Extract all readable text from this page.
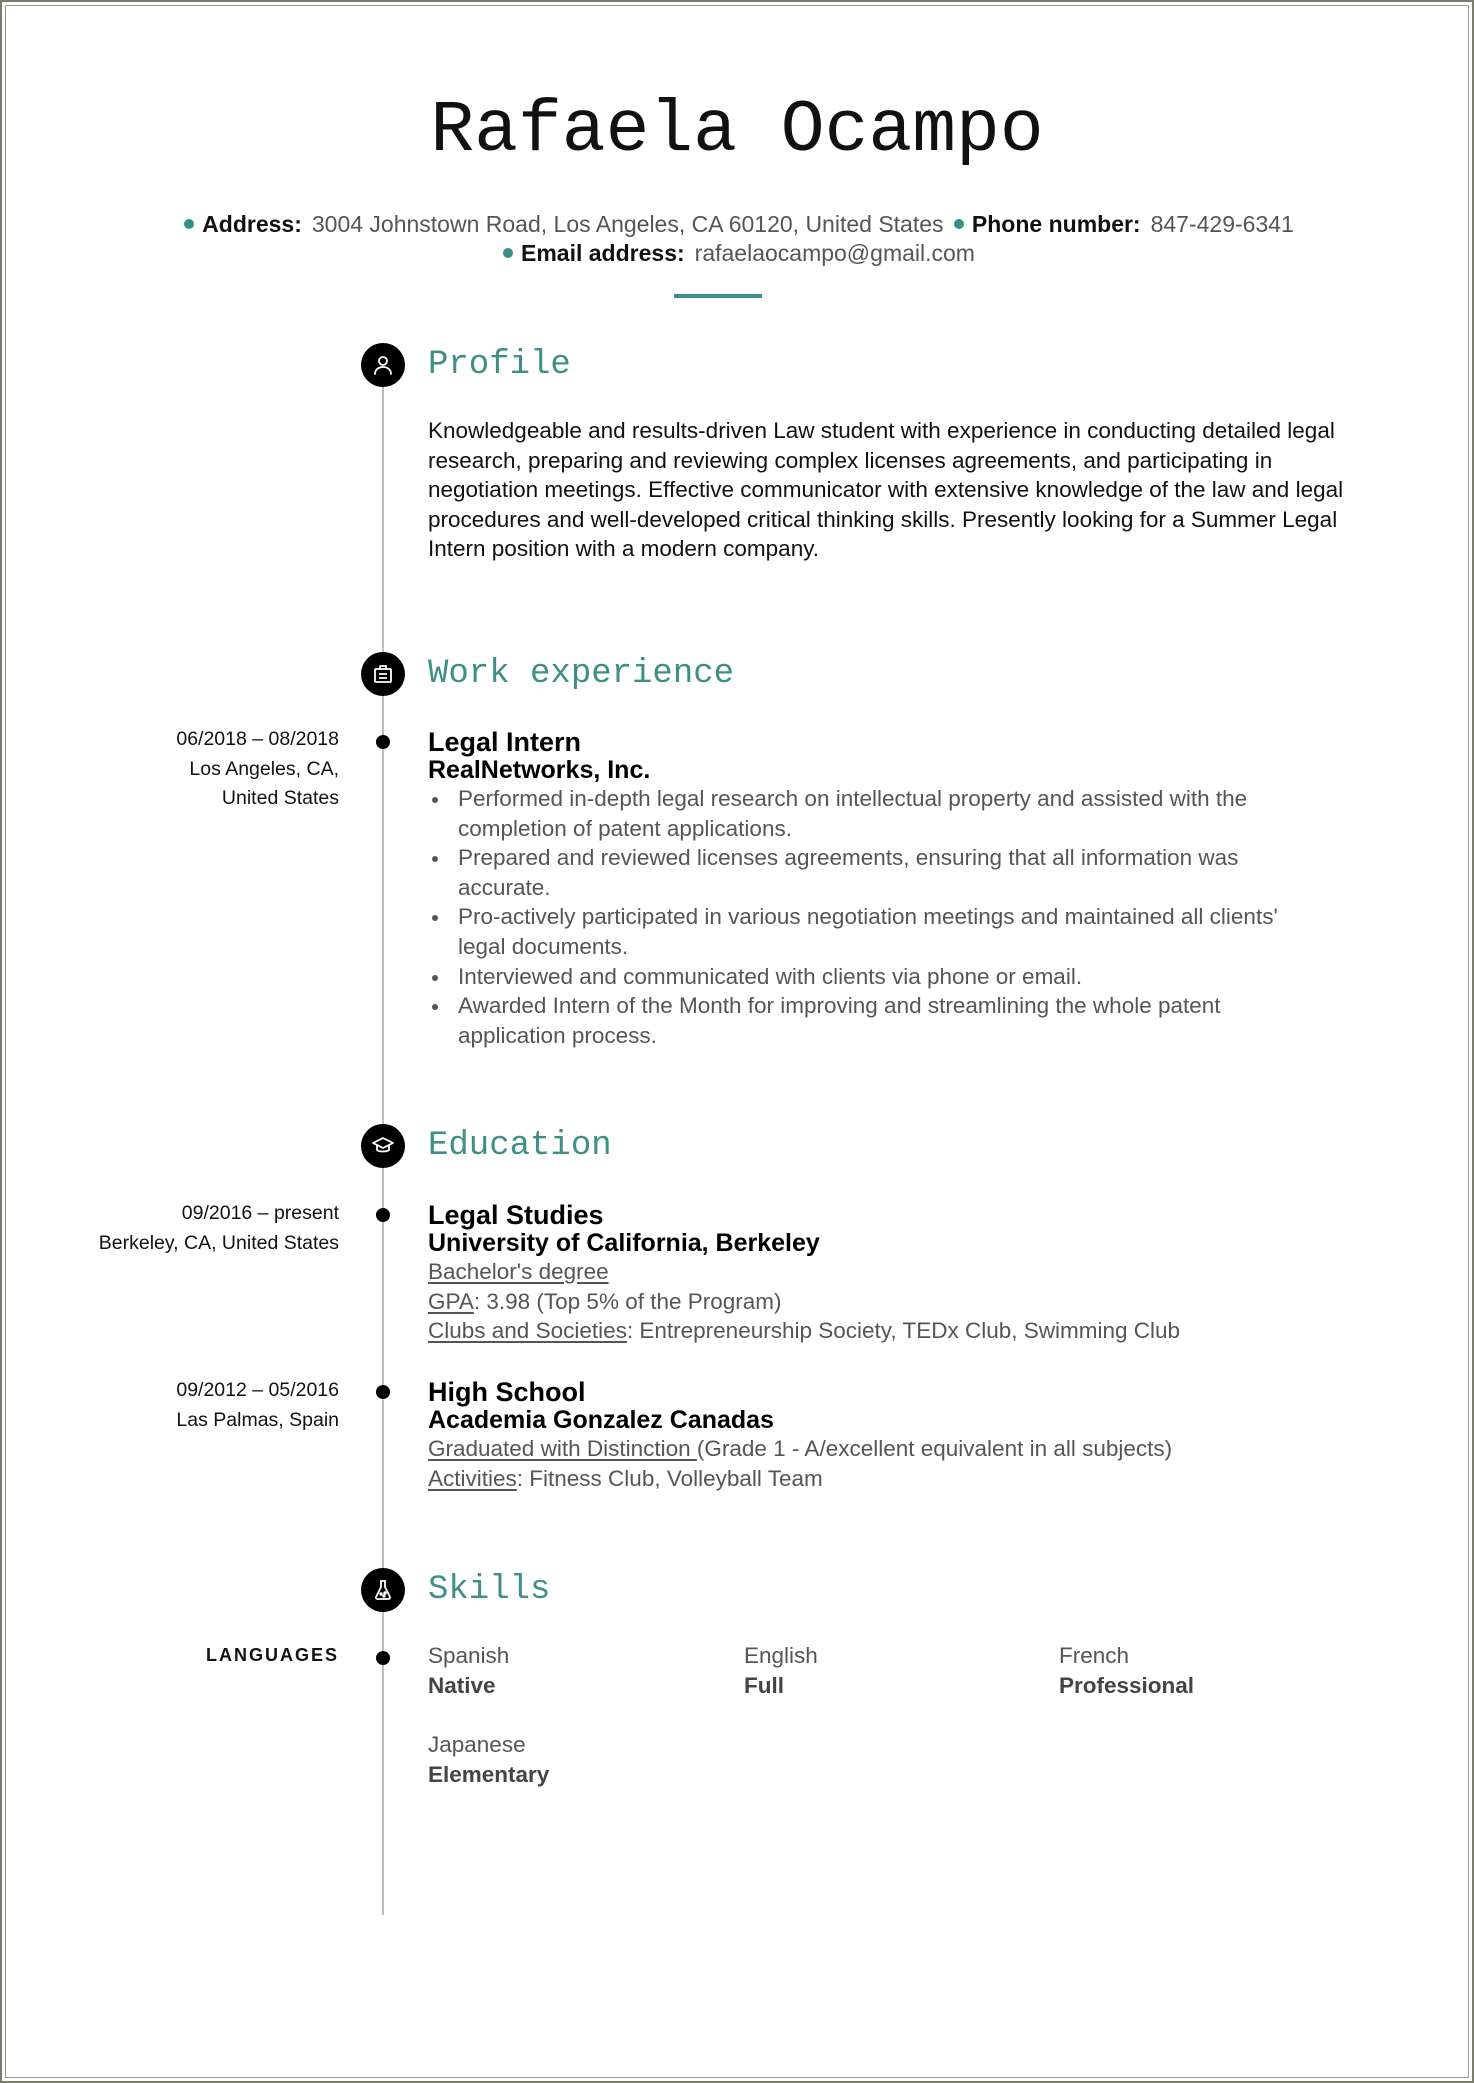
Rafaela Ocampo
Address: 3004 Johnstown Road, Los Angeles, CA 60120, United States Phone number: 847-429-6341
Email address: rafaelaocampo@gmail.com
Profile
Knowledgeable and results-driven Law student with experience in conducting detailed legal research, preparing and reviewing complex licenses agreements, and participating in negotiation meetings. Effective communicator with extensive knowledge of the law and legal procedures and well-developed critical thinking skills. Presently looking for a Summer Legal Intern position with a modern company.
Work experience
06/2018 – 08/2018
Los Angeles, CA,
United States
Legal Intern
RealNetworks, Inc.
Performed in-depth legal research on intellectual property and assisted with the completion of patent applications.
Prepared and reviewed licenses agreements, ensuring that all information was accurate.
Pro-actively participated in various negotiation meetings and maintained all clients' legal documents.
Interviewed and communicated with clients via phone or email.
Awarded Intern of the Month for improving and streamlining the whole patent application process.
Education
09/2016 – present
Berkeley, CA, United States
Legal Studies
University of California, Berkeley
Bachelor's degree
GPA: 3.98 (Top 5% of the Program)
Clubs and Societies: Entrepreneurship Society, TEDx Club, Swimming Club
09/2012 – 05/2016
Las Palmas, Spain
High School
Academia Gonzalez Canadas
Graduated with Distinction (Grade 1 - A/excellent equivalent in all subjects)
Activities: Fitness Club, Volleyball Team
Skills
LANGUAGES	Spanish
Native
English
Full
French
Professional
Japanese
Elementary
